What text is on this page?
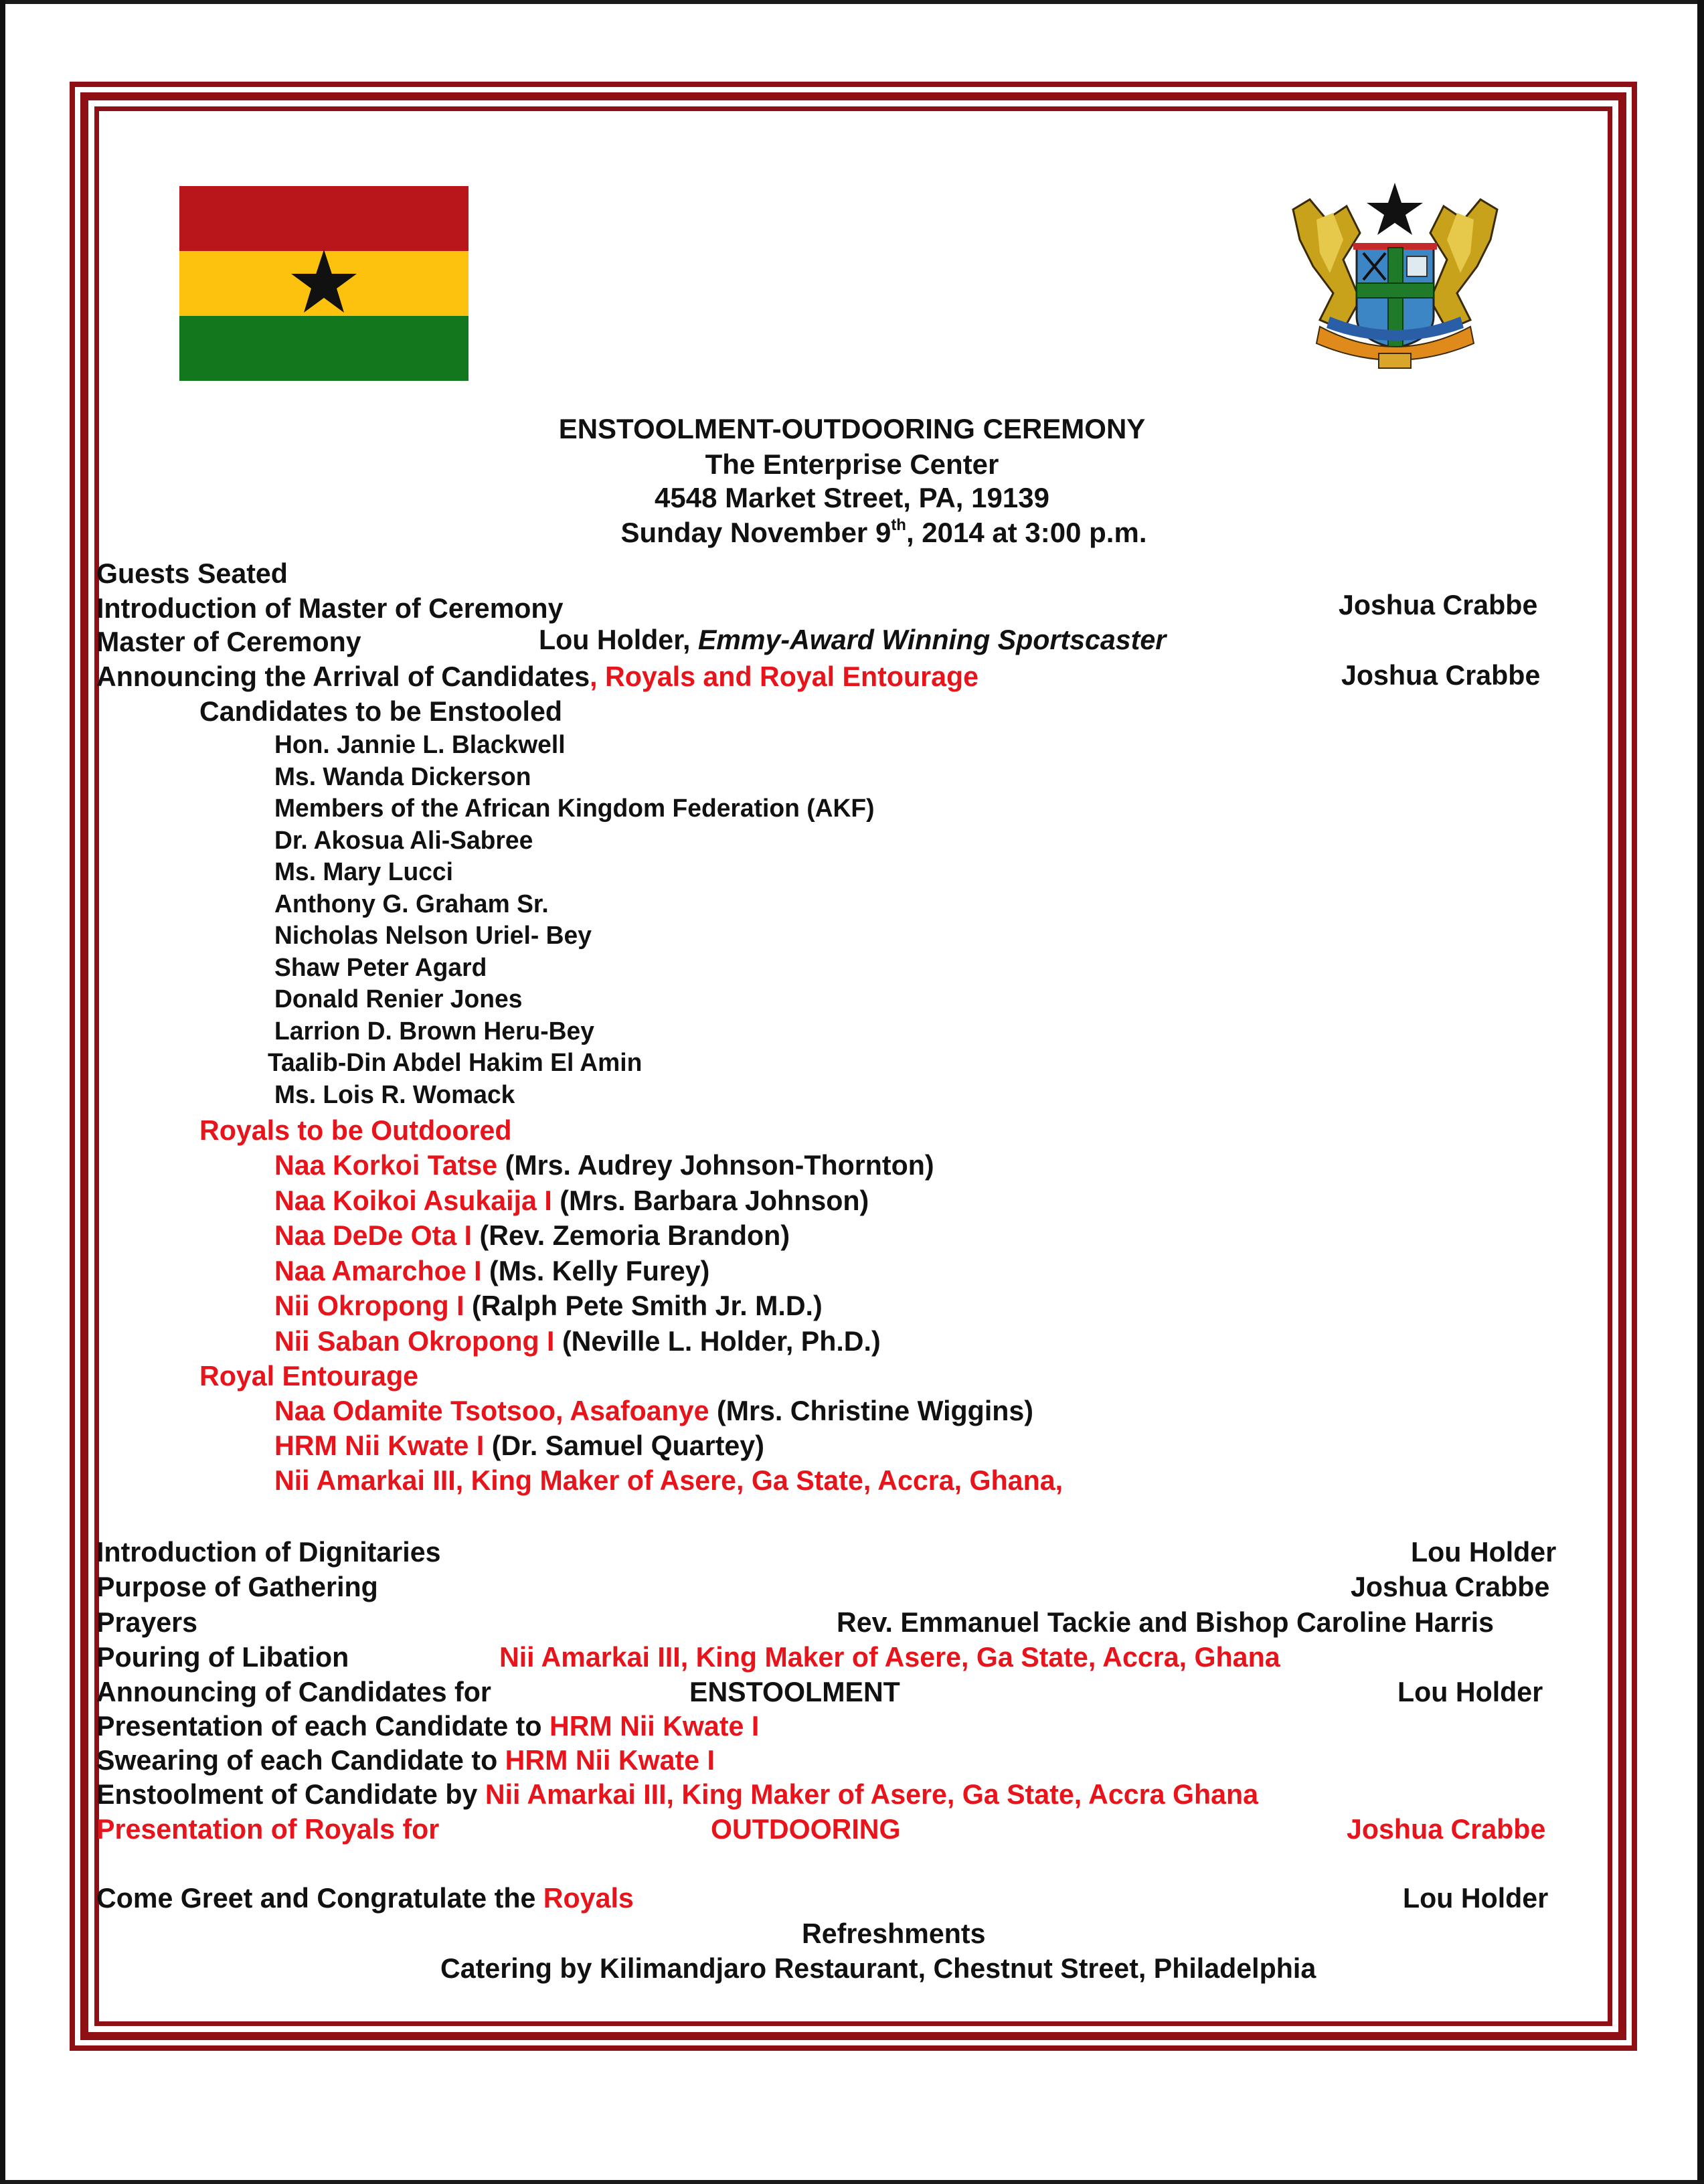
ENSTOOLMENT-OUTDOORING CEREMONY
The Enterprise Center
4548 Market Street, PA, 19139
Sunday November 9th, 2014 at 3:00 p.m.
Guests Seated
Introduction of Master of Ceremony	Joshua Crabbe
Master of Ceremony	Lou Holder, Emmy-Award Winning Sportscaster
Announcing the Arrival of Candidates, Royals and Royal Entourage	Joshua Crabbe
Candidates to be Enstooled
Hon. Jannie L. Blackwell
Ms. Wanda Dickerson
Members of the African Kingdom Federation (AKF)
Dr. Akosua Ali-Sabree
Ms. Mary Lucci
Anthony G. Graham Sr.
Nicholas Nelson Uriel- Bey
Shaw Peter Agard
Donald Renier Jones
Larrion D. Brown Heru-Bey
Taalib-Din Abdel Hakim El Amin
Ms. Lois R. Womack
Royals to be Outdoored
Naa Korkoi Tatse (Mrs. Audrey Johnson-Thornton)
Naa Koikoi Asukaija I (Mrs. Barbara Johnson)
Naa DeDe Ota I (Rev. Zemoria Brandon)
Naa Amarchoe I (Ms. Kelly Furey)
Nii Okropong I (Ralph Pete Smith Jr. M.D.)
Nii Saban Okropong I (Neville L. Holder, Ph.D.)
Royal Entourage
Naa Odamite Tsotsoo, Asafoanye (Mrs. Christine Wiggins)
HRM Nii Kwate I (Dr. Samuel Quartey)
Nii Amarkai III, King Maker of Asere, Ga State, Accra, Ghana,
Introduction of Dignitaries	Lou Holder
Purpose of Gathering	Joshua Crabbe
Prayers	Rev. Emmanuel Tackie and Bishop Caroline Harris
Pouring of Libation	Nii Amarkai III, King Maker of Asere, Ga State, Accra, Ghana
Announcing of Candidates for	ENSTOOLMENT	Lou Holder
Presentation of each Candidate to HRM Nii Kwate I
Swearing of each Candidate to HRM Nii Kwate I
Enstoolment of Candidate by Nii Amarkai III, King Maker of Asere, Ga State, Accra Ghana
Presentation of Royals for	OUTDOORING	Joshua Crabbe
Come Greet and Congratulate the Royals	Lou Holder
Refreshments
Catering by Kilimandjaro Restaurant, Chestnut Street, Philadelphia
